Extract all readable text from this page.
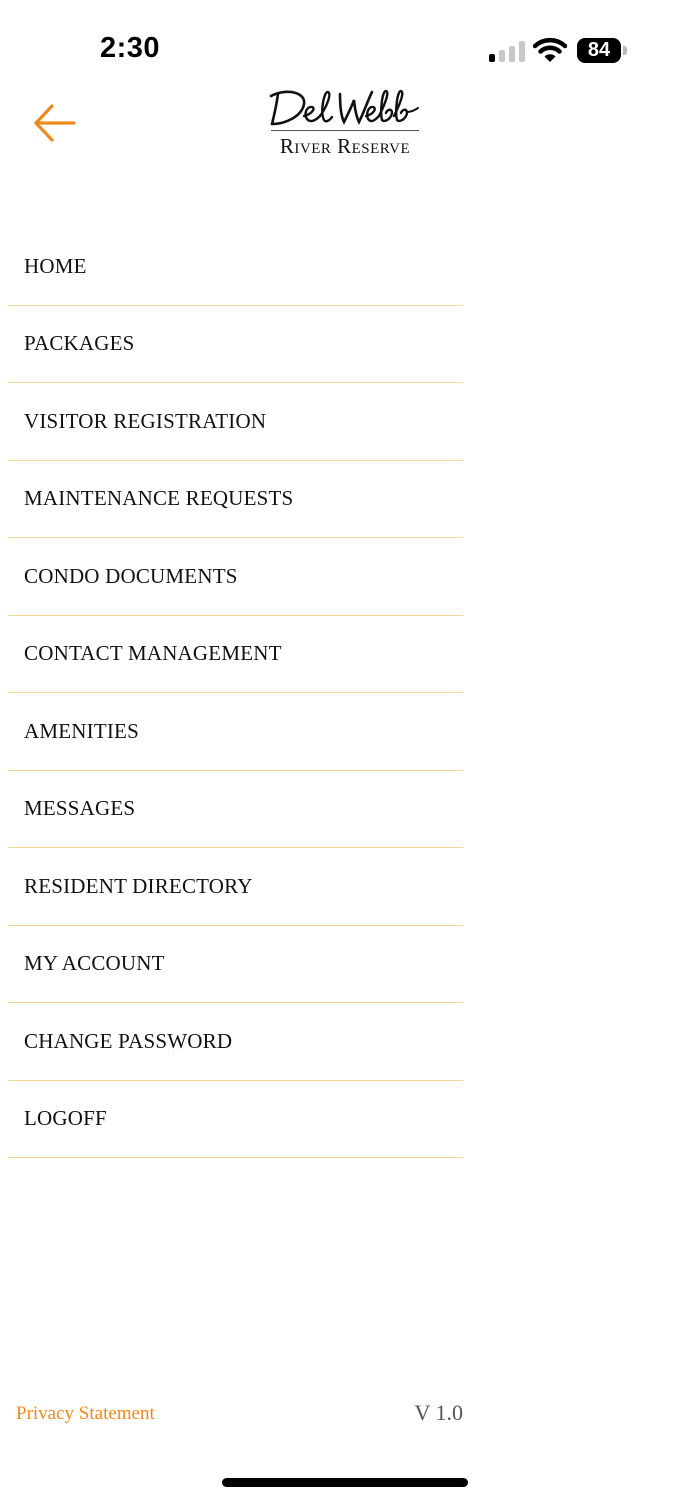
2:30	84
River Reserve
HOME
PACKAGES
VISITOR REGISTRATION
MAINTENANCE REQUESTS
CONDO DOCUMENTS
CONTACT MANAGEMENT
AMENITIES
MESSAGES
RESIDENT DIRECTORY
MY ACCOUNT
CHANGE PASSWORD
LOGOFF
Privacy Statement	V 1.0
